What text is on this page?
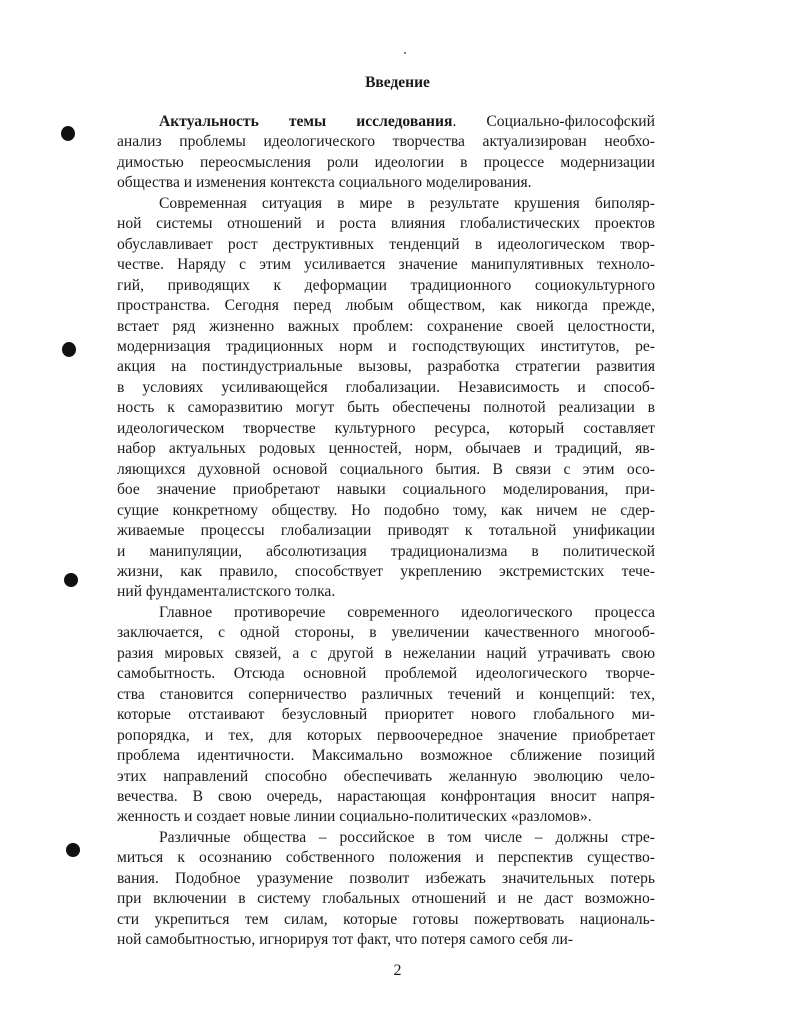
Введение
Актуальность темы исследования. Социально-философский
анализ проблемы идеологического творчества актуализирован необхо-
димостью переосмысления роли идеологии в процессе модернизации
общества и изменения контекста социального моделирования.
Современная ситуация в мире в результате крушения биполяр-
ной системы отношений и роста влияния глобалистических проектов
обуславливает рост деструктивных тенденций в идеологическом твор-
честве. Наряду с этим усиливается значение манипулятивных техноло-
гий, приводящих к деформации традиционного социокультурного
пространства. Сегодня перед любым обществом, как никогда прежде,
встает ряд жизненно важных проблем: сохранение своей целостности,
модернизация традиционных норм и господствующих институтов, ре-
акция на постиндустриальные вызовы, разработка стратегии развития
в условиях усиливающейся глобализации. Независимость и способ-
ность к саморазвитию могут быть обеспечены полнотой реализации в
идеологическом творчестве культурного ресурса, который составляет
набор актуальных родовых ценностей, норм, обычаев и традиций, яв-
ляющихся духовной основой социального бытия. В связи с этим осо-
бое значение приобретают навыки социального моделирования, при-
сущие конкретному обществу. Но подобно тому, как ничем не сдер-
живаемые процессы глобализации приводят к тотальной унификации
и манипуляции, абсолютизация традиционализма в политической
жизни, как правило, способствует укреплению экстремистских тече-
ний фундаменталистского толка.
Главное противоречие современного идеологического процесса
заключается, с одной стороны, в увеличении качественного многооб-
разия мировых связей, а с другой в нежелании наций утрачивать свою
самобытность. Отсюда основной проблемой идеологического творче-
ства становится соперничество различных течений и концепций: тех,
которые отстаивают безусловный приоритет нового глобального ми-
ропорядка, и тех, для которых первоочередное значение приобретает
проблема идентичности. Максимально возможное сближение позиций
этих направлений способно обеспечивать желанную эволюцию чело-
вечества. В свою очередь, нарастающая конфронтация вносит напря-
женность и создает новые линии социально-политических «разломов».
Различные общества – российское в том числе – должны стре-
миться к осознанию собственного положения и перспектив существо-
вания. Подобное уразумение позволит избежать значительных потерь
при включении в систему глобальных отношений и не даст возможно-
сти укрепиться тем силам, которые готовы пожертвовать националь-
ной самобытностью, игнорируя тот факт, что потеря самого себя ли-
2
